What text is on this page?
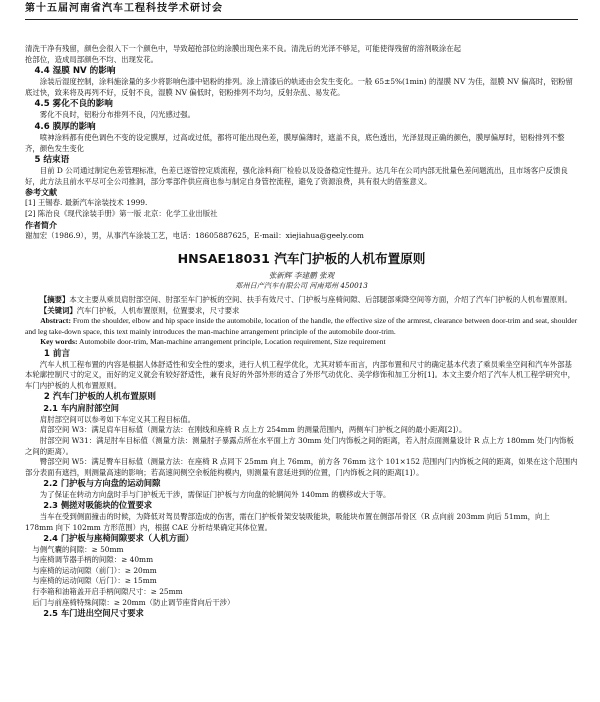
第十五届河南省汽车工程科技学术研讨会

清洗干净有残留，颜色会很入下一个颜色中，导致超抢部位的涂膜出现色来不良。清洗后的光泽不够足，可能使得残留的溶剂吸涂在起

抢部位，造成局部颜色不均、出现发花。

4.4 湿膜 NV 的影响

涂装后湿度控制，涂料施涂量的多少将影响色漆中铝粉的排列。涂上清漆后的轨迹由会发生变化。一般 65±5%(1min) 的湿膜 NV 为佳，湿膜 NV 偏高时，铝粉留底过快，致来将及再列不好，反射不良，湿膜 NV 偏低时，铝粉排列不均匀，反射杂乱、易发花。

4.5 雾化不良的影响

雾化不良时，铝粉分布排列不良，闪光感过强。

4.6 膜厚的影响

喷神涂料都有使色调色不变的设定膜厚，过高或过低，都将可能出现色差，膜厚偏薄时，遮盖不良，底色透出，光泽显现正确的颜色，膜厚偏厚时，铝粉排列不整齐，颜色发生变化

5 结束语

目前 D 公司通过制定色差管理标准，色差已逐管控定质流程，强化涂料商厂检验以及设备稳定性提升。达几年在公司内部无批量色差问题流出，且市场客户反馈良好，此方法且前水平尽可全公司推洞，部分零部件供应商也参与制定自身管控流程，避免了资源浪费，具有很大的借鉴意义。

参考文献

[1] 王锡春. 最新汽车涂装技术 1999.

[2] 陈治良《现代涂装手册》第一版 北京：化学工业出版社

作者简介

谢加宏（1986.9），男，从事汽车涂装工艺，电话：18605887625，E-mail：xiejiahua@geely.com

HNSAE18031 汽车门护板的人机布置原则
张新辉 李建鹏 张观
郑州日产汽车有限公司 河南郑州 450013

【摘要】本文主要从乘员肩肘部空间、肘部至车门护板的空间、扶手有效尺寸、门护板与座椅间隙、后部腿部乘降空间等方面，介绍了汽车门护板的人机布置原则。

【关键词】汽车门护板，人机布置原则，位置要求，尺寸要求

Abstract: From the shoulder, elbow and hip space inside the automobile, location of the handle, the effective size of the armrest, clearance between door-trim and seat, shoulder and leg take-down space, this text mainly introduces the man-machine arrangement principle of the automobile door-trim.

Key words: Automobile door-trim, Man-machine arrangement principle, Location requirement, Size requirement

1 前言

汽车人机工程布置的内容是根据人体舒适性和安全性的要求，进行人机工程学优化，尤其对轿车而言，内部布置和尺寸的确定基本代表了乘员乘坐空间和汽车外部基本轮廓控制尺寸的定义，而好的定义就会有较好舒适性，兼有良好的外部外形的适合了外形气动优化、美学修饰和加工分析[1]。本文主要介绍了汽车人机工程学研究中，车门内护板的人机布置原则。

2 汽车门护板的人机布置原则

2.1 车内肩肘部空间

肩肘部空间可以参考如下车定义其工程目标值。

肩部空间 W3：满足肩车目标值（测量方法：在刚线和座椅 R 点上方 254mm 的测量范围内，两侧车门护板之间的最小距离[2]）。

肘部空间 W31：满足肘车目标值（测量方法：测量肘子暴露点所在水平面上方 30mm 处门内饰板之间的距离，若入肘点面测量设计 R 点上方 180mm 处门内饰板之间的距离）。

臀部空间 W5：满足臀车目标值（测量方法：在座椅 R 点同下 25mm 向上 76mm，前方各 76mm 这个 101×152 范围内门内饰板之间的距离，如果在这个范围内部分表面有遮挡，则测量高速的影响；若高速间侧空余板能构模内，则测量有意延进到的位置，门内饰板之间的距离[1]）。

2.2 门护板与方向盘的运动间隙

为了保证在转动方向盘时手与门护板无干涉，需保证门护板与方向盘的轮辋间外 140mm 的横移或大于等。

2.3 侧搓对吸能块的位置要求

当车在受到侧面撞击的时候，为降低对驾员臀部造成的伤害，需在门护板骨架安装吸能块，吸能块布置在侧部吊骨区（R 点向前 203mm 向后 51mm，向上 178mm 向下 102mm 方形范围）内，根据 CAE 分析结果确定其体位置。

2.4 门护板与座椅间隙要求（人机方面）

与侧气囊的间隙：≥ 50mm

与座椅调节器手柄的间隙：≥ 40mm

与座椅的运动间隙（前门）：≥ 20mm

与座椅的运动间隙（后门）：≥ 15mm

行李箱和油箱盖开启手柄间隙尺寸：≥ 25mm

后门与前座椅特殊间隙：≥ 20mm（防止调节座背向后干涉）

2.5 车门进出空间尺寸要求
